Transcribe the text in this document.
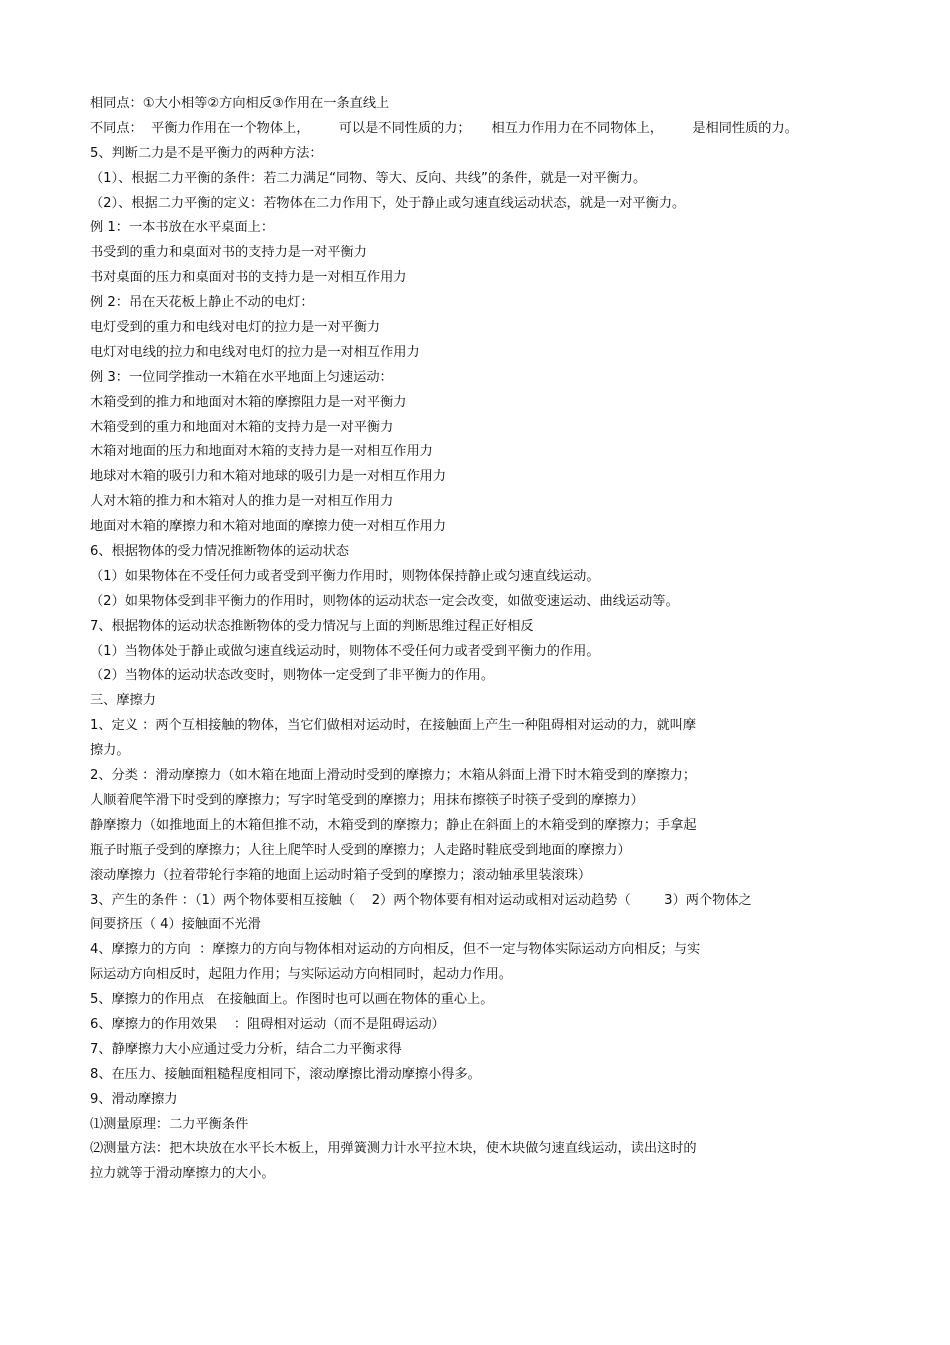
相同点：①大小相等②方向相反③作用在一条直线上
不同点：  平衡力作用在一个物体上，       可以是不同性质的力；     相互力作用力在不同物体上，       是相同性质的力。
5、判断二力是不是平衡力的两种方法：
（1）、根据二力平衡的条件：若二力满足“同物、等大、反向、共线”的条件，就是一对平衡力。
（2）、根据二力平衡的定义：若物体在二力作用下，处于静止或匀速直线运动状态，就是一对平衡力。
例 1：一本书放在水平桌面上：
书受到的重力和桌面对书的支持力是一对平衡力
书对桌面的压力和桌面对书的支持力是一对相互作用力
例 2：吊在天花板上静止不动的电灯：
电灯受到的重力和电线对电灯的拉力是一对平衡力
电灯对电线的拉力和电线对电灯的拉力是一对相互作用力
例 3：一位同学推动一木箱在水平地面上匀速运动：
木箱受到的推力和地面对木箱的摩擦阻力是一对平衡力
木箱受到的重力和地面对木箱的支持力是一对平衡力
木箱对地面的压力和地面对木箱的支持力是一对相互作用力
地球对木箱的吸引力和木箱对地球的吸引力是一对相互作用力
人对木箱的推力和木箱对人的推力是一对相互作用力
地面对木箱的摩擦力和木箱对地面的摩擦力使一对相互作用力
6、根据物体的受力情况推断物体的运动状态
（1）如果物体在不受任何力或者受到平衡力作用时，则物体保持静止或匀速直线运动。
（2）如果物体受到非平衡力的作用时，则物体的运动状态一定会改变，如做变速运动、曲线运动等。
7、根据物体的运动状态推断物体的受力情况与上面的判断思维过程正好相反
（1）当物体处于静止或做匀速直线运动时，则物体不受任何力或者受到平衡力的作用。
（2）当物体的运动状态改变时，则物体一定受到了非平衡力的作用。
三、摩擦力
1、定义 ：两个互相接触的物体，当它们做相对运动时，在接触面上产生一种阻碍相对运动的力，就叫摩
擦力。
2、分类 ：滑动摩擦力（如木箱在地面上滑动时受到的摩擦力；木箱从斜面上滑下时木箱受到的摩擦力；
人顺着爬竿滑下时受到的摩擦力；写字时笔受到的摩擦力；用抹布擦筷子时筷子受到的摩擦力）
静摩擦力（如推地面上的木箱但推不动，木箱受到的摩擦力；静止在斜面上的木箱受到的摩擦力；手拿起
瓶子时瓶子受到的摩擦力；人往上爬竿时人受到的摩擦力；人走路时鞋底受到地面的摩擦力）
滚动摩擦力（拉着带轮行李箱的地面上运动时箱子受到的摩擦力；滚动轴承里装滚珠）
3、产生的条件 ：（1）两个物体要相互接触（    2）两个物体要有相对运动或相对运动趋势（        3）两个物体之
间要挤压（ 4）接触面不光滑
4、摩擦力的方向  ：摩擦力的方向与物体相对运动的方向相反，但不一定与物体实际运动方向相反；与实
际运动方向相反时，起阻力作用；与实际运动方向相同时，起动力作用。
5、摩擦力的作用点   在接触面上。作图时也可以画在物体的重心上。
6、摩擦力的作用效果    ：阻碍相对运动（而不是阻碍运动）
7、静摩擦力大小应通过受力分析，结合二力平衡求得
8、在压力、接触面粗糙程度相同下，滚动摩擦比滑动摩擦小得多。
9、滑动摩擦力
⑴测量原理：二力平衡条件
⑵测量方法：把木块放在水平长木板上，用弹簧测力计水平拉木块，使木块做匀速直线运动，读出这时的
拉力就等于滑动摩擦力的大小。
